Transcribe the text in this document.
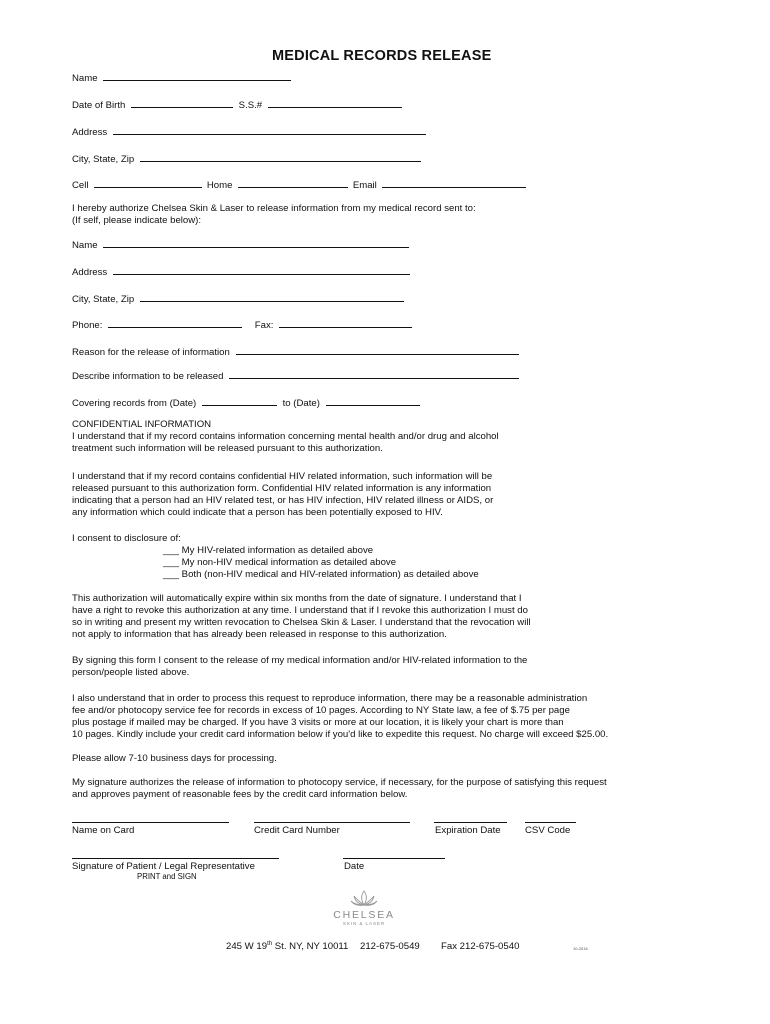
MEDICAL RECORDS RELEASE
Name
Date of Birth	S.S.#
Address
City, State, Zip
Cell	Home	Email
I hereby authorize Chelsea Skin & Laser to release information from my medical record sent to:
(If self, please indicate below):
Name
Address
City, State, Zip
Phone:	Fax:
Reason for the release of information
Describe information to be released
Covering records from (Date)	to (Date)
CONFIDENTIAL INFORMATION
I understand that if my record contains information concerning mental health and/or drug and alcohol
treatment such information will be released pursuant to this authorization.
I understand that if my record contains confidential HIV related information, such information will be
released pursuant to this authorization form. Confidential HIV related information is any information
indicating that a person had an HIV related test, or has HIV infection, HIV related illness or AIDS, or
any information which could indicate that a person has been potentially exposed to HIV.
I consent to disclosure of:
___ My HIV-related information as detailed above
___ My non-HIV medical information as detailed above
___ Both (non-HIV medical and HIV-related information) as detailed above
This authorization will automatically expire within six months from the date of signature. I understand that I
have a right to revoke this authorization at any time. I understand that if I revoke this authorization I must do
so in writing and present my written revocation to Chelsea Skin & Laser. I understand that the revocation will
not apply to information that has already been released in response to this authorization.
By signing this form I consent to the release of my medical information and/or HIV-related information to the
person/people listed above.
I also understand that in order to process this request to reproduce information, there may be a reasonable administration
fee and/or photocopy service fee for records in excess of 10 pages. According to NY State law, a fee of $.75 per page
plus postage if mailed may be charged. If you have 3 visits or more at our location, it is likely your chart is more than
10 pages. Kindly include your credit card information below if you'd like to expedite this request. No charge will exceed $25.00.
Please allow 7-10 business days for processing.
My signature authorizes the release of information to photocopy service, if necessary, for the purpose of satisfying this request
and approves payment of reasonable fees by the credit card information below.
Name on Card	Credit Card Number	Expiration Date	CSV Code
Signature of Patient / Legal Representative
PRINT and SIGN
Date
CHELSEA
SKIN & LASER
245 W 19th St. NY, NY 10011 212-675-0549 Fax 212-675-0540	10-2016
